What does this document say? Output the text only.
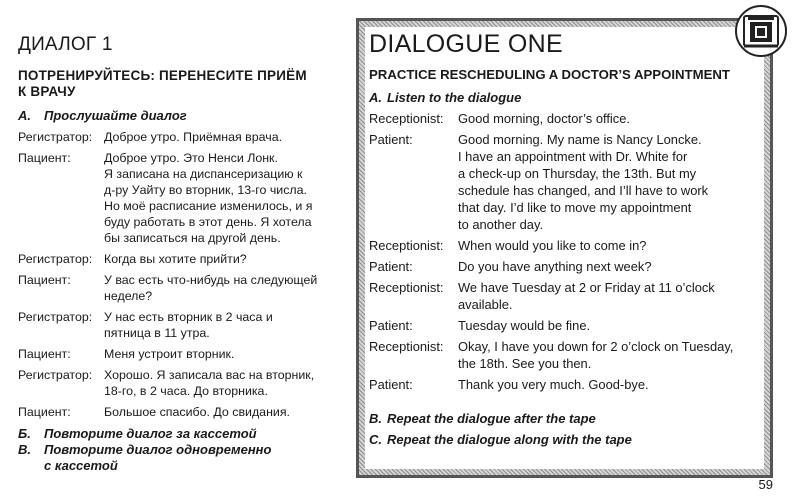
ДИАЛОГ 1
ПОТРЕНИРУЙТЕСЬ: ПЕРЕНЕСИТЕ ПРИЁМ
К ВРАЧУ
А. Прослушайте диалог
Регистратор: Доброе утро. Приёмная врача.
Пациент:	Доброе утро. Это Ненси Лонк.
Я записана на диспансеризацию к
д-ру Уайту во вторник, 13-го числа.
Но моё расписание изменилось, и я
буду работать в этот день. Я хотела
бы записаться на другой день.
Регистратор: Когда вы хотите прийти?
Пациент:	У вас есть что-нибудь на следующей
неделе?
Регистратор: У нас есть вторник в 2 часа и
пятница в 11 утра.
Пациент:	Меня устроит вторник.
Регистратор: Хорошо. Я записала вас на вторник,
18-го, в 2 часа. До вторника.
Пациент:	Большое спасибо. До свидания.
Б. Повторите диалог за кассетой
В. Повторите диалог одновременно
с кассетой
DIALOGUE ONE
PRACTICE RESCHEDULING A DOCTOR’S APPOINTMENT
A. Listen to the dialogue
Receptionist:	Good morning, doctor’s office.
Patient:	Good morning. My name is Nancy Loncke.
I have an appointment with Dr. White for
a check-up on Thursday, the 13th. But my
schedule has changed, and I’ll have to work
that day. I’d like to move my appointment
to another day.
Receptionist:	When would you like to come in?
Patient:	Do you have anything next week?
Receptionist:	We have Tuesday at 2 or Friday at 11 o’clock
available.
Patient:	Tuesday would be fine.
Receptionist:	Okay, I have you down for 2 o’clock on Tuesday,
the 18th. See you then.
Patient:	Thank you very much. Good-bye.
B. Repeat the dialogue after the tape
C. Repeat the dialogue along with the tape
59
